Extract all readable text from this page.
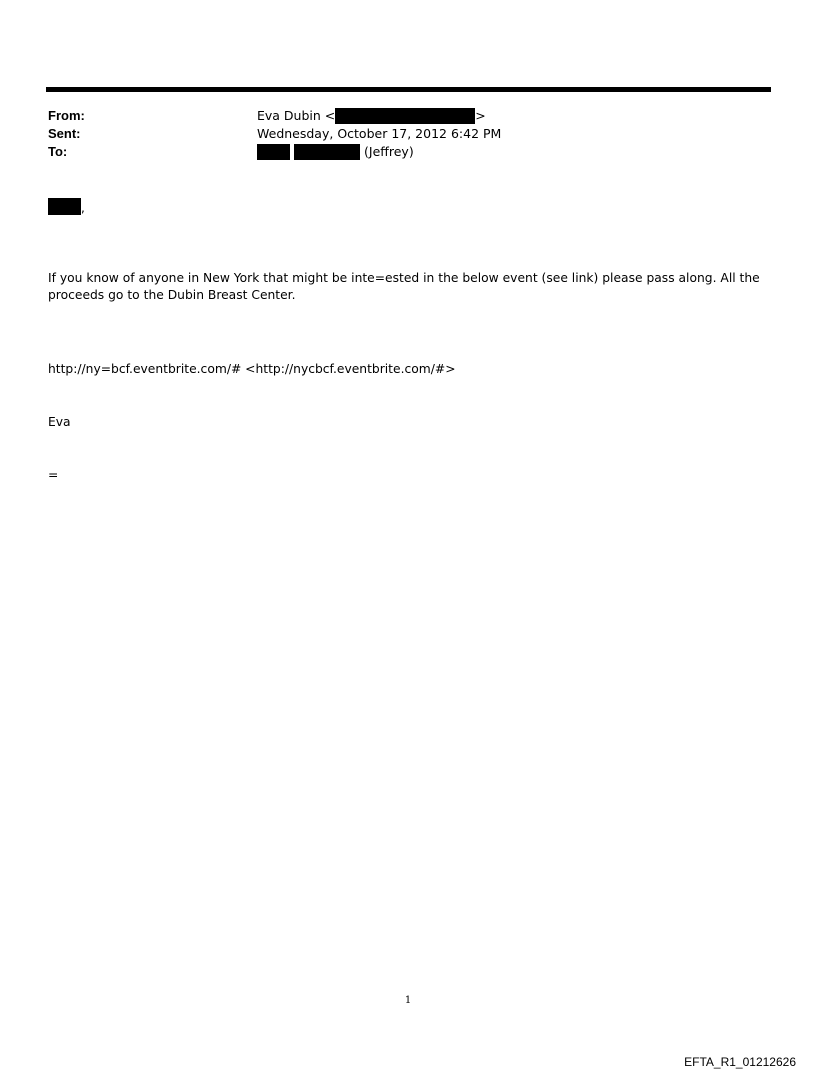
From:	Eva Dubin <	>
Sent:	Wednesday, October 17, 2012 6:42 PM
To:	(Jeffrey)
,
If you know of anyone in New York that might be inte=ested in the below event (see link) please pass along. All the
proceeds go to the Dubin Breast Center.
http://ny=bcf.eventbrite.com/# <http://nycbcf.eventbrite.com/#>
Eva
=
1
EFTA_R1_01212626
